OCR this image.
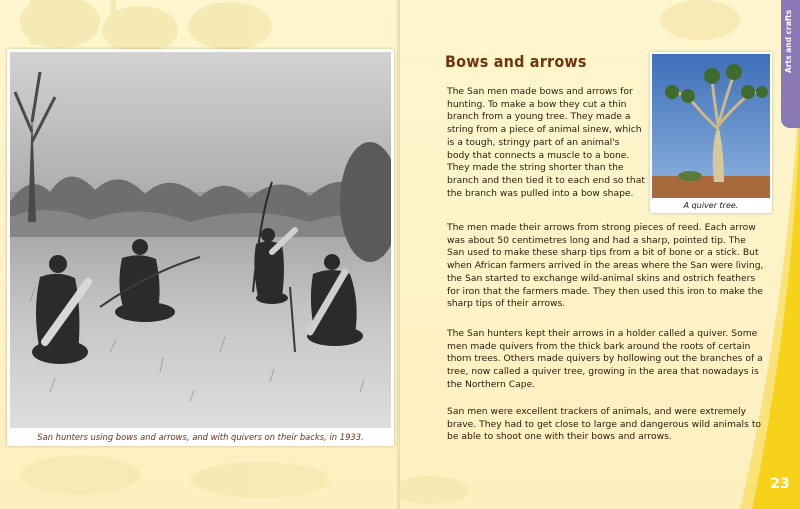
San hunters using bows and arrows, and with quivers on their backs, in 1933.
Bows and arrows

The San men made bows and arrows for hunting. To make a bow they cut a thin branch from a young tree. They made a string from a piece of animal sinew, which is a tough, stringy part of an animal's body that connects a muscle to a bone. They made the string shorter than the branch and then tied it to each end so that the branch was pulled into a bow shape.

The men made their arrows from strong pieces of reed. Each arrow was about 50 centimetres long and had a sharp, pointed tip. The San used to make these sharp tips from a bit of bone or a stick. But when African farmers arrived in the areas where the San were living, the San started to exchange wild-animal skins and ostrich feathers for iron that the farmers made. They then used this iron to make the sharp tips of their arrows.

The San hunters kept their arrows in a holder called a quiver. Some men made quivers from the thick bark around the roots of certain thorn trees. Others made quivers by hollowing out the branches of a tree, now called a quiver tree, growing in the area that nowadays is the Northern Cape.

San men were excellent trackers of animals, and were extremely brave. They had to get close to large and dangerous wild animals to be able to shoot one with their bows and arrows.

A quiver tree.
Arts and crafts
23
